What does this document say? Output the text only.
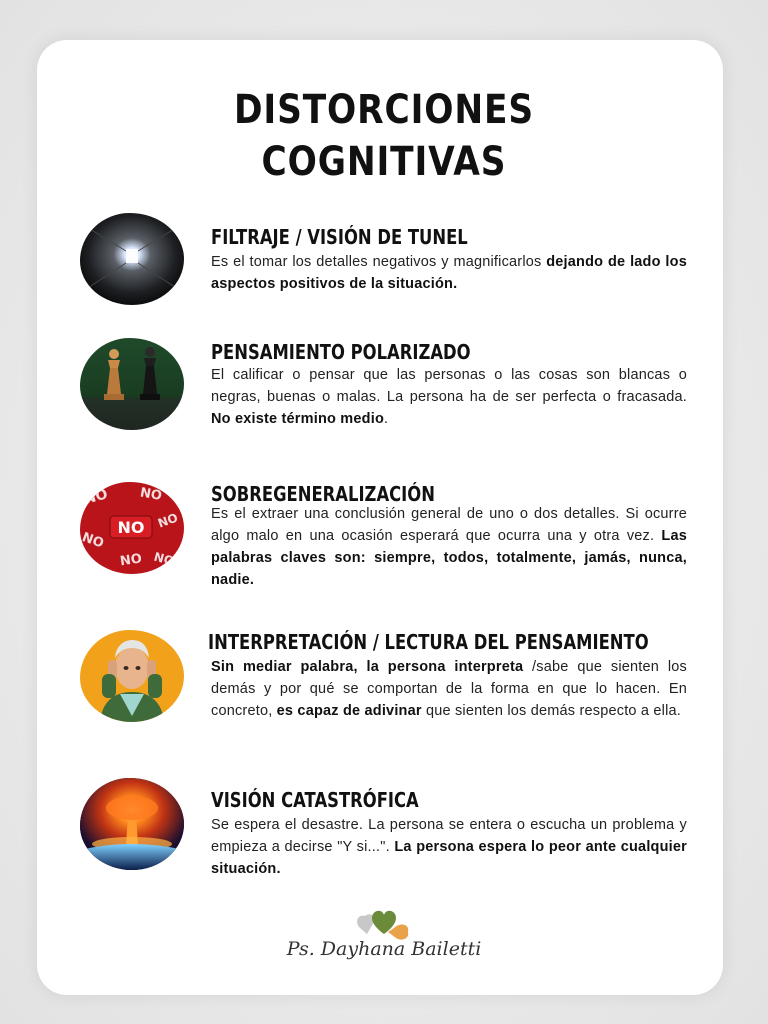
DISTORCIONES
COGNITIVAS
FILTRAJE / VISIÓN DE TUNEL

Es el tomar los detalles negativos y magnificarlos dejando de lado los aspectos positivos de la situación.

PENSAMIENTO POLARIZADO

El calificar o pensar que las personas o las cosas son blancas o negras, buenas o malas. La persona ha de ser perfecta o fracasada. No existe término medio.

NO NO
NO
NO
NO NO
NO
SOBREGENERALIZACIÓN

Es el extraer una conclusión general de uno o dos detalles. Si ocurre algo malo en una ocasión esperará que ocurra una y otra vez. Las palabras claves son: siempre, todos, totalmente, jamás, nunca, nadie.

INTERPRETACIÓN / LECTURA DEL PENSAMIENTO

Sin mediar palabra, la persona interpreta /sabe que sienten los demás y por qué se comportan de la forma en que lo hacen. En concreto, es capaz de adivinar que sienten los demás respecto a ella.

VISIÓN CATASTRÓFICA

Se espera el desastre. La persona se entera o escucha un problema y empieza a decirse "Y si...". La persona espera lo peor ante cualquier situación.

Ps. Dayhana Bailetti
